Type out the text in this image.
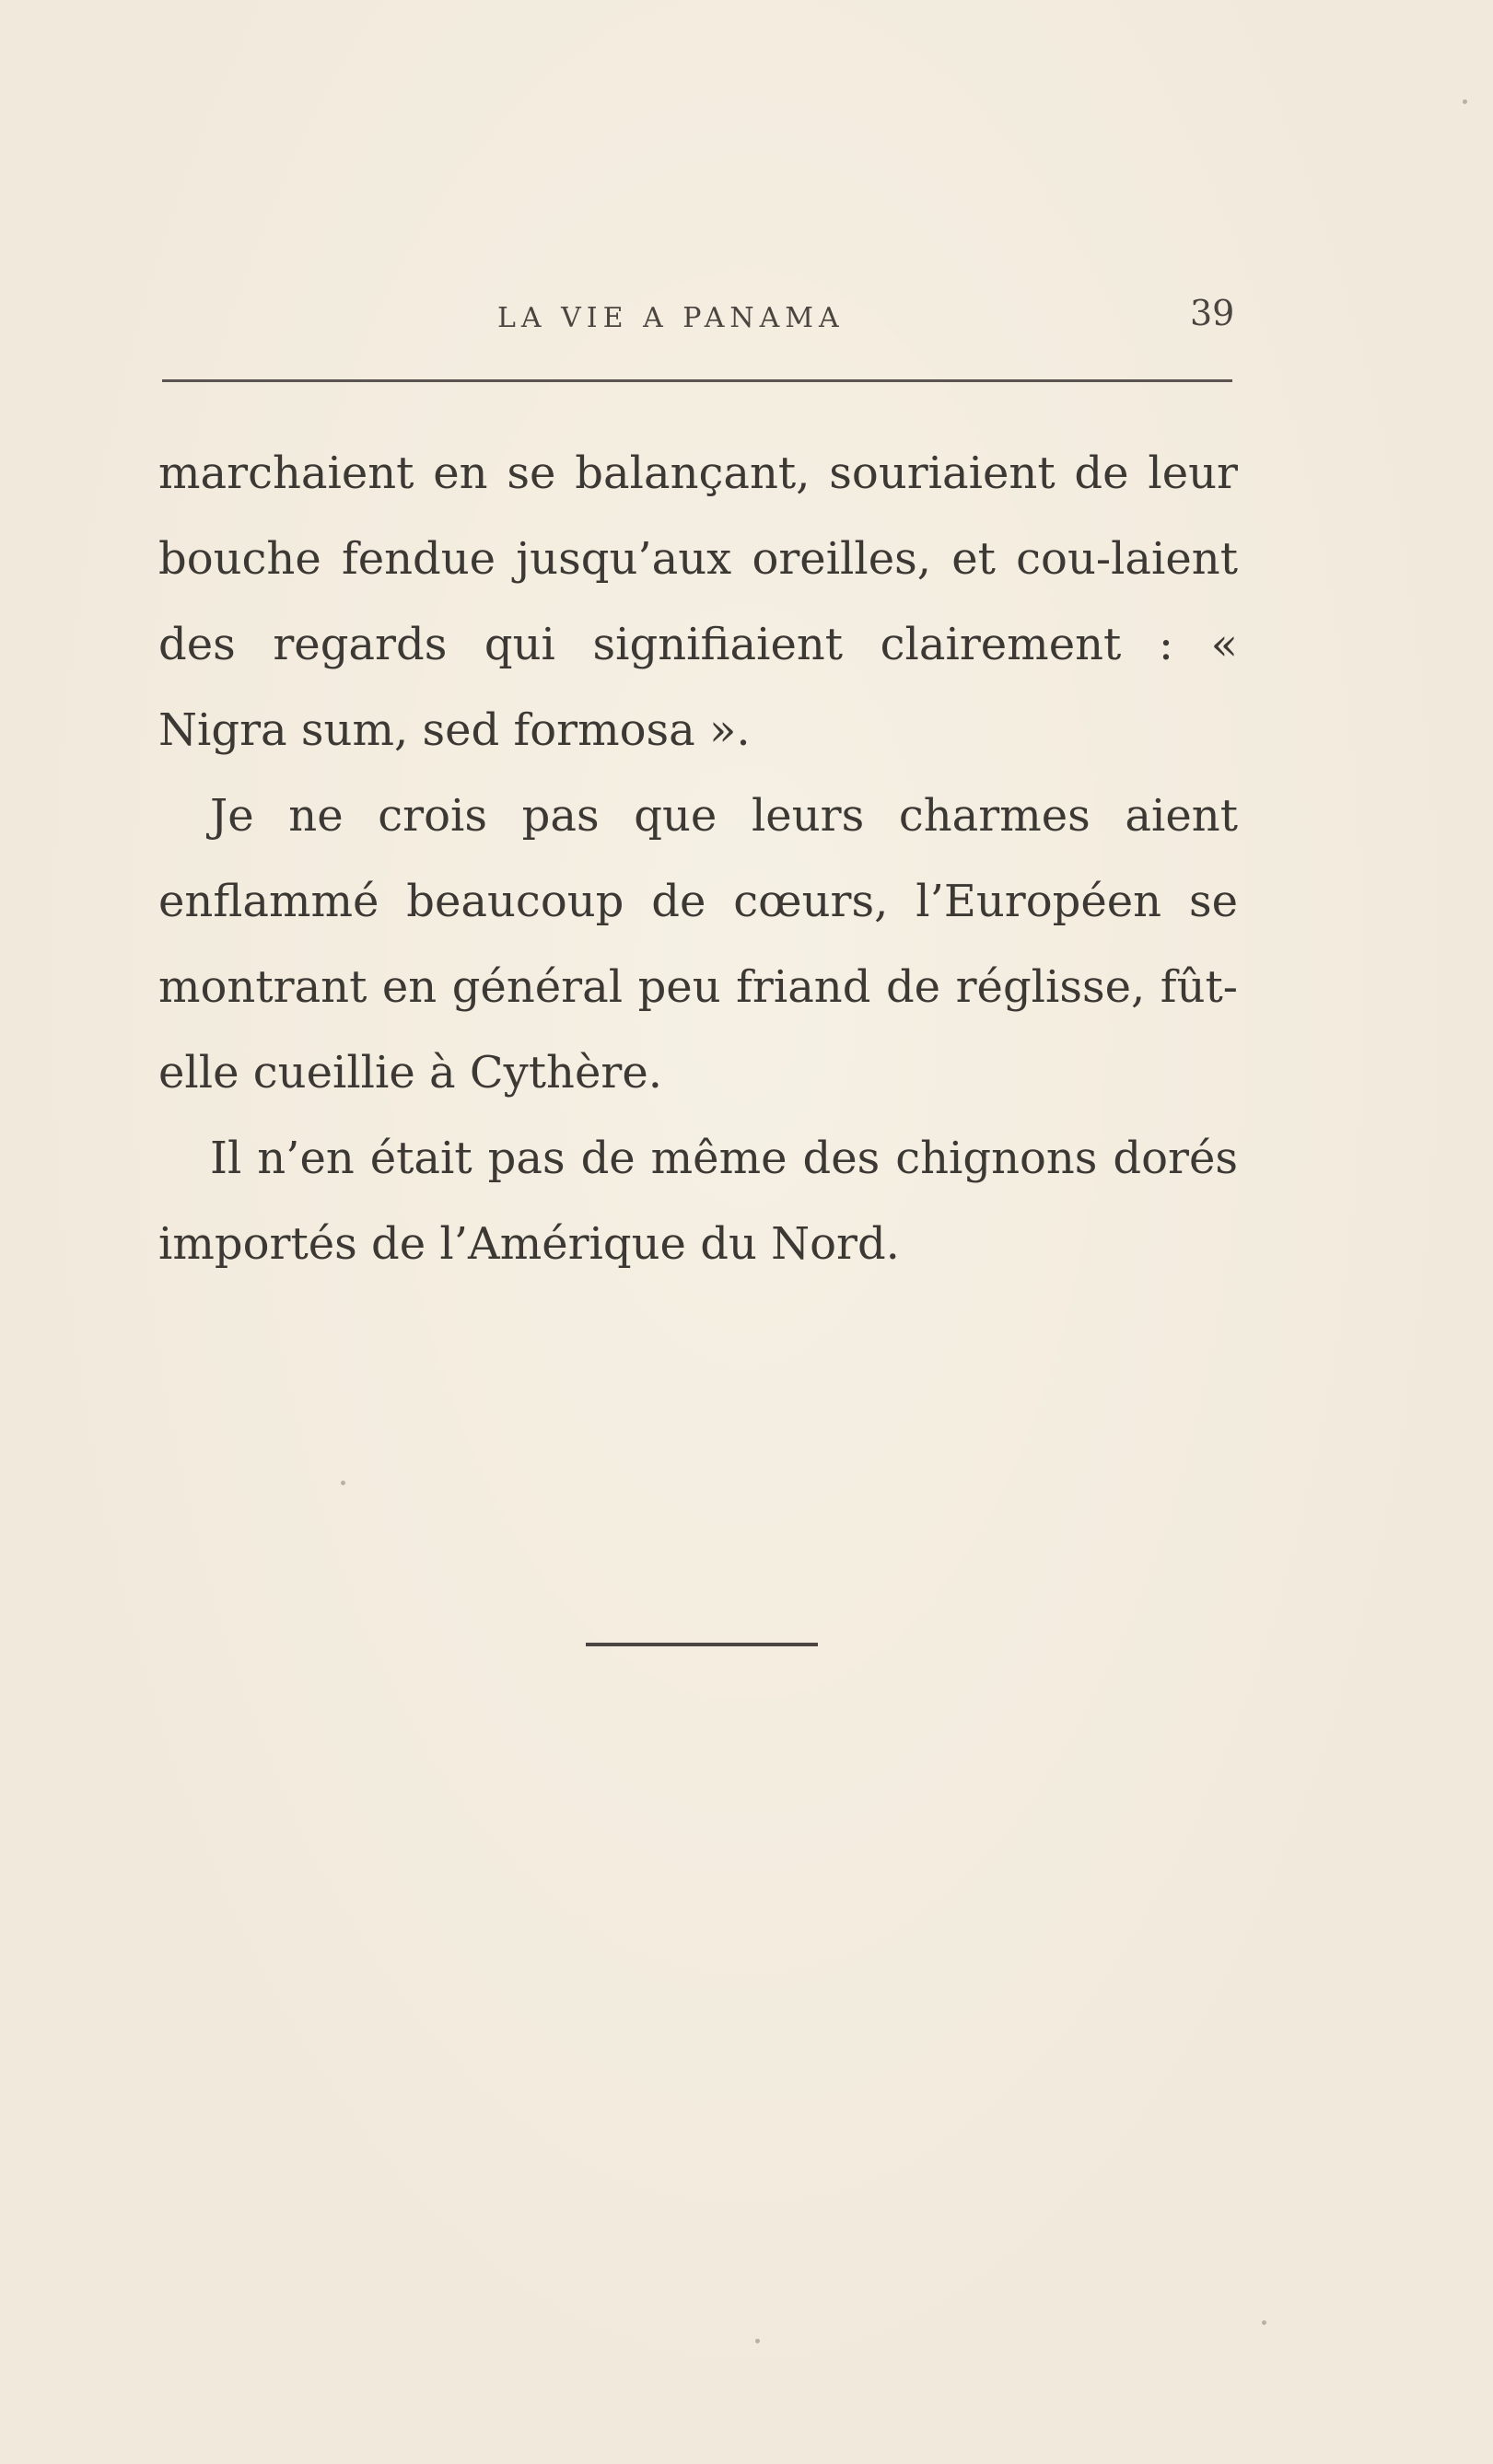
LA VIE A PANAMA	39

marchaient en se balançant, souriaient de leur bouche fendue jusqu’aux oreilles, et cou-laient des regards qui signifiaient clairement : « Nigra sum, sed formosa ».

Je ne crois pas que leurs charmes aient enflammé beaucoup de cœurs, l’Européen se montrant en général peu friand de réglisse, fût-elle cueillie à Cythère.

Il n’en était pas de même des chignons dorés importés de l’Amérique du Nord.
